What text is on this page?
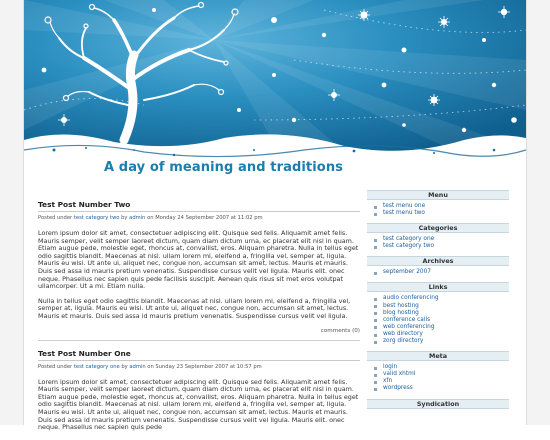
A day of meaning and traditions
Test Post Number Two
Posted under test category two by admin on Monday 24 September 2007 at 11:02 pm

Lorem ipsum dolor sit amet, consectetuer adipiscing elit. Quisque sed felis. Aliquamit amet felis. Mauris semper, velit semper laoreet dictum, quam diam dictum urna, ec placerat elit nisl in quam. Etiam augue pede, molestie eget, rhoncus at, convallist, eros. Aliquam pharetra. Nulla in tellus eget odio sagittis blandit. Maecenas at nisl. ullam lorem mi, eleifend a, fringilla vel, semper at, ligula. Mauris eu wisi. Ut ante ui, aliquet nec, congue non, accumsan sit amet, lectus. Mauris et mauris. Duis sed assa id mauris pretium venenatis. Suspendisse cursus velit vel ligula. Mauris elit. onec neque. Phasellus nec sapien quis pede facilisis suscipit. Aenean quis risus sit met eros volutpat ullamcorper. Ut a mi. Etiam nulla.

Nulla in tellus eget odio sagittis blandit. Maecenas at nisl. ullam lorem mi, eleifend a, fringilla vel, semper at, ligula. Mauris eu wisi. Ut ante ui, aliquet nec, congue non, accumsan sit amet, lectus. Mauris et mauris. Duis sed assa id mauris pretium venenatis. Suspendisse cursus velit vel ligula.

comments (0)
Test Post Number One
Posted under test category one by admin on Sunday 23 September 2007 at 10:57 pm

Lorem ipsum dolor sit amet, consectetuer adipiscing elit. Quisque sed felis. Aliquamit amet felis. Mauris semper, velit semper laoreet dictum, quam diam dictum urna, ec placerat elit nisl in quam. Etiam augue pede, molestie eget, rhoncus at, convallist, eros. Aliquam pharetra. Nulla in tellus eget odio sagittis blandit. Maecenas at nisl. ullam lorem mi, eleifend a, fringilla vel, semper at, ligula. Mauris eu wisi. Ut ante ui, aliquet nec, congue non, accumsan sit amet, lectus. Mauris et mauris. Duis sed assa id mauris pretium venenatis. Suspendisse cursus velit vel ligula. Mauris elit. onec neque. Phasellus nec sapien quis pede

Menu
test menu one
test menu two
Categories
test category one
test category two
Archives
september 2007
Links
audio conferencing
best hosting
blog hosting
conference calls
web conferencing
web directory
zorg directory
Meta
login
valid xhtml
xfn
wordpress
Syndication
